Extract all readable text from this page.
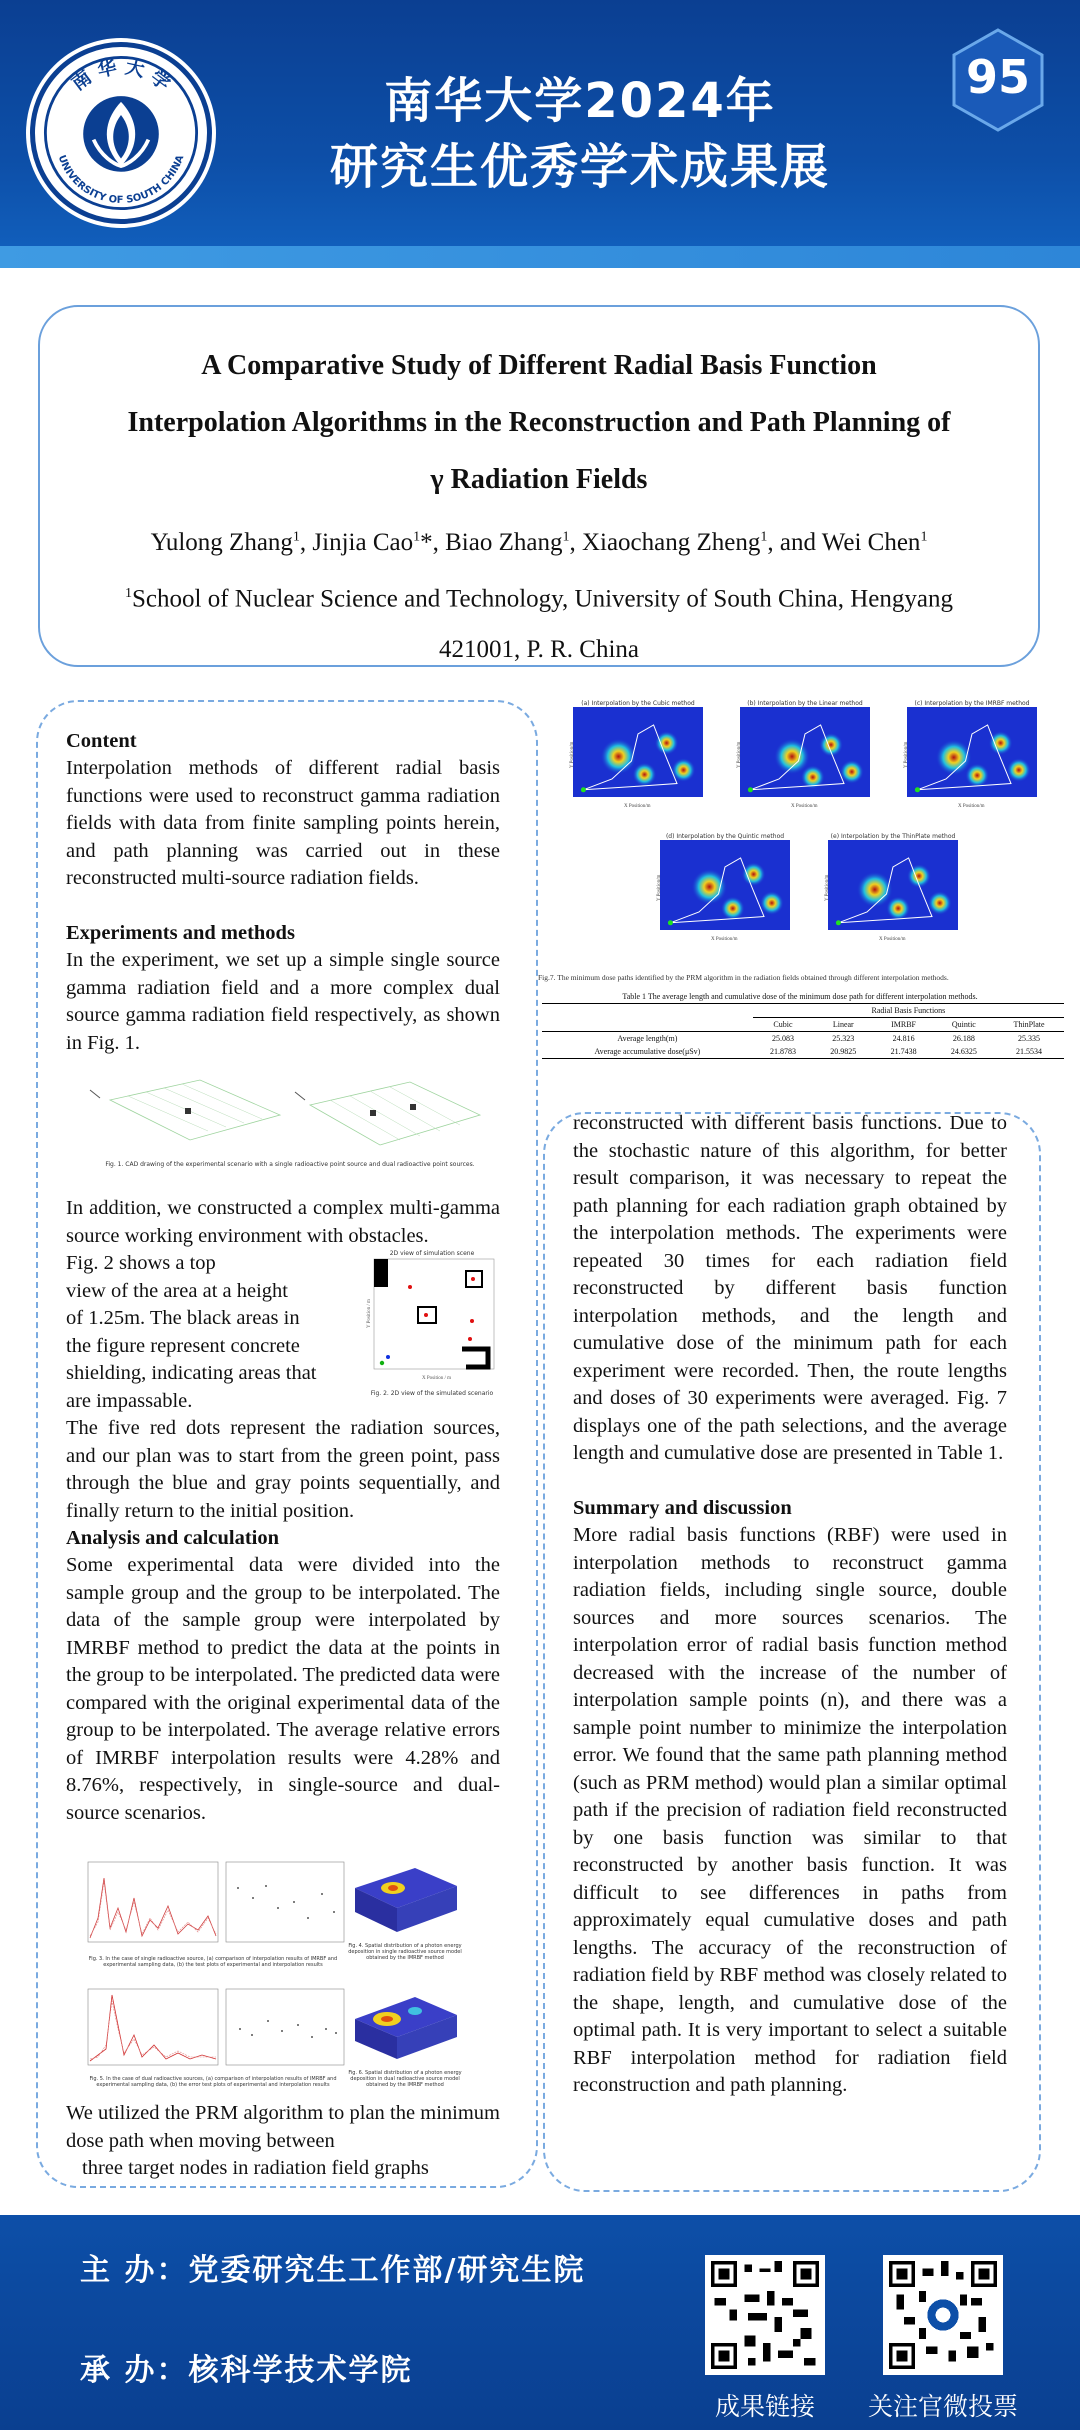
南 华 大 学
UNIVERSITY OF SOUTH CHINA
南华大学2024年
研究生优秀学术成果展
95
A Comparative Study of Different Radial Basis Function
Interpolation Algorithms in the Reconstruction and Path Planning of
γ Radiation Fields
Yulong Zhang$^1$, Jinjia Cao$^1$*, Biao Zhang$^1$, Xiaochang Zheng$^1$, and Wei Chen$^1$
$^1$School of Nuclear Science and Technology, University of South China, Hengyang
421001, P. R. China
Content
Interpolation methods of different radial basis functions were used to reconstruct gamma radiation fields with data from finite sampling points herein, and path planning was carried out in these reconstructed multi-source radiation fields.
Experiments and methods
In the experiment, we set up a simple single source gamma radiation field and a more complex dual source gamma radiation field respectively, as shown in Fig. 1.
Fig. 1. CAD drawing of the experimental scenario with a single radioactive point source and dual radioactive point sources.
In addition, we constructed a complex multi-gamma source working environment with obstacles.
Fig. 2 shows a top
view of the area at a height
of 1.25m. The black areas in
the figure represent concrete
shielding, indicating areas that
are impassable.
2D view of simulation scene
Y Position / m
X Position / m
Fig. 2. 2D view of the simulated scenario
The five red dots represent the radiation sources, and our plan was to start from the green point, pass through the blue and gray points sequentially, and finally return to the initial position.
Analysis and calculation
Some experimental data were divided into the sample group and the group to be interpolated. The data of the sample group were interpolated by IMRBF method to predict the data at the points in the group to be interpolated. The predicted data were compared with the original experimental data of the group to be interpolated. The average relative errors of IMRBF interpolation results were 4.28% and 8.76%, respectively, in single-source and dual-source scenarios.
Fig. 4. Spatial distribution of a photon energy deposition in single radioactive source model obtained by the IMRBF method
Fig. 3. In the case of single radioactive source, (a) comparison of interpolation results of IMRBF and experimental sampling data, (b) the test plots of experimental and interpolation results
Fig. 6. Spatial distribution of a photon energy deposition in dual radioactive source model obtained by the IMRBF method
Fig. 5. In the case of dual radioactive sources, (a) comparison of interpolation results of IMRBF and experimental sampling data, (b) the error test plots of experimental and interpolation results
We utilized the PRM algorithm to plan the minimum dose path when moving between
three target nodes in radiation field graphs
(a) Interpolation by the Cubic method
X Position/m
Y Position/m
(b) Interpolation by the Linear method
X Position/m
Y Position/m
(c) Interpolation by the IMRBF method
X Position/m
Y Position/m
(d) Interpolation by the Quintic method
X Position/m
Y Position/m
(e) Interpolation by the ThinPlate method
X Position/m
Y Position/m
Fig.7. The minimum dose paths identified by the PRM algorithm in the radiation fields obtained through different interpolation methods.
Table 1 The average length and cumulative dose of the minimum dose path for different interpolation methods.
	Radial Basis Functions				
	Cubic	Linear	IMRBF	Quintic	ThinPlate
Average length(m)	25.083	25.323	24.816	26.188	25.335
Average accumulative dose(μSv)	21.8783	20.9825	21.7438	24.6325	21.5534
reconstructed with different basis functions. Due to the stochastic nature of this algorithm, for better result comparison, it was necessary to repeat the path planning for each radiation graph obtained by the interpolation methods. The experiments were repeated 30 times for each radiation field reconstructed by different basis function interpolation methods, and the length and cumulative dose of the minimum path for each experiment were recorded. Then, the route lengths and doses of 30 experiments were averaged. Fig. 7 displays one of the path selections, and the average length and cumulative dose are presented in Table 1.
Summary and discussion
More radial basis functions (RBF) were used in interpolation methods to reconstruct gamma radiation fields, including single source, double sources and more sources scenarios. The interpolation error of radial basis function method decreased with the increase of the number of interpolation sample points (n), and there was a sample point number to minimize the interpolation error. We found that the same path planning method (such as PRM method) would plan a similar optimal path if the precision of radiation field reconstructed by one basis function was similar to that reconstructed by another basis function. It was difficult to see differences in paths from approximately equal cumulative doses and path lengths. The accuracy of the reconstruction of radiation field by RBF method was closely related to the shape, length, and cumulative dose of the optimal path. It is very important to select a suitable RBF interpolation method for radiation field reconstruction and path planning.
主 办：党委研究生工作部/研究生院
承 办：核科学技术学院
成果链接	关注官微投票
